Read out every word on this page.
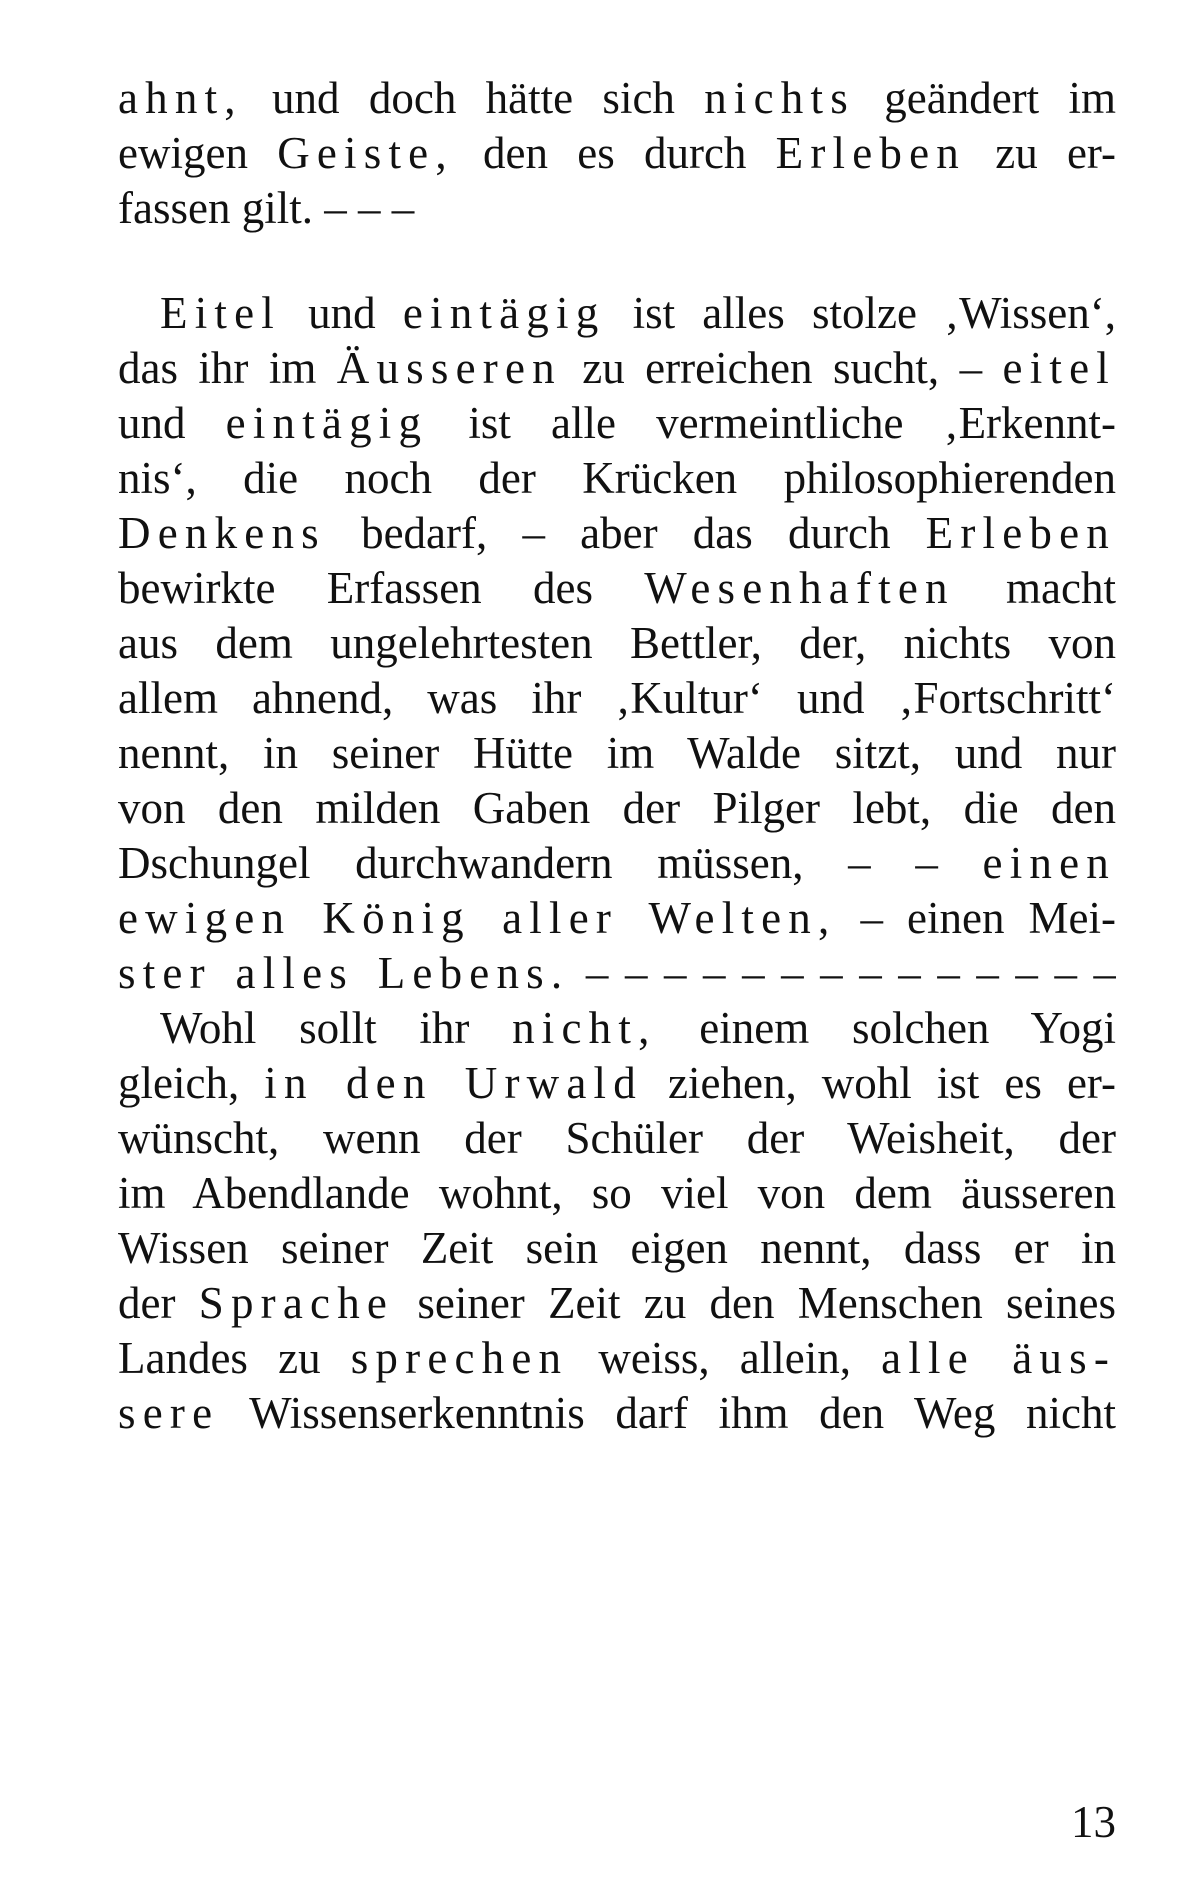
ahnt, und doch hätte sich nichts geändert im
ewigen Geiste, den es durch Erleben zu er-
fassen gilt. – – –
Eitel und eintägig ist alles stolze ‚Wissen‘,
das ihr im Äusseren zu erreichen sucht, – eitel
und eintägig ist alle vermeintliche ‚Erkennt-
nis‘, die noch der Krücken philosophierenden
Denkens bedarf, – aber das durch Erleben
bewirkte Erfassen des Wesenhaften macht
aus dem ungelehrtesten Bettler, der, nichts von
allem ahnend, was ihr ‚Kultur‘ und ‚Fortschritt‘
nennt, in seiner Hütte im Walde sitzt, und nur
von den milden Gaben der Pilger lebt, die den
Dschungel durchwandern müssen, – – einen
ewigen König aller Welten, – einen Mei-
ster alles Lebens. – – – – – – – – – – – – – –
Wohl sollt ihr nicht, einem solchen Yogi
gleich, in den Urwald ziehen, wohl ist es er-
wünscht, wenn der Schüler der Weisheit, der
im Abendlande wohnt, so viel von dem äusseren
Wissen seiner Zeit sein eigen nennt, dass er in
der Sprache seiner Zeit zu den Menschen seines
Landes zu sprechen weiss, allein, alle äus-
sere Wissenserkenntnis darf ihm den Weg nicht
13
